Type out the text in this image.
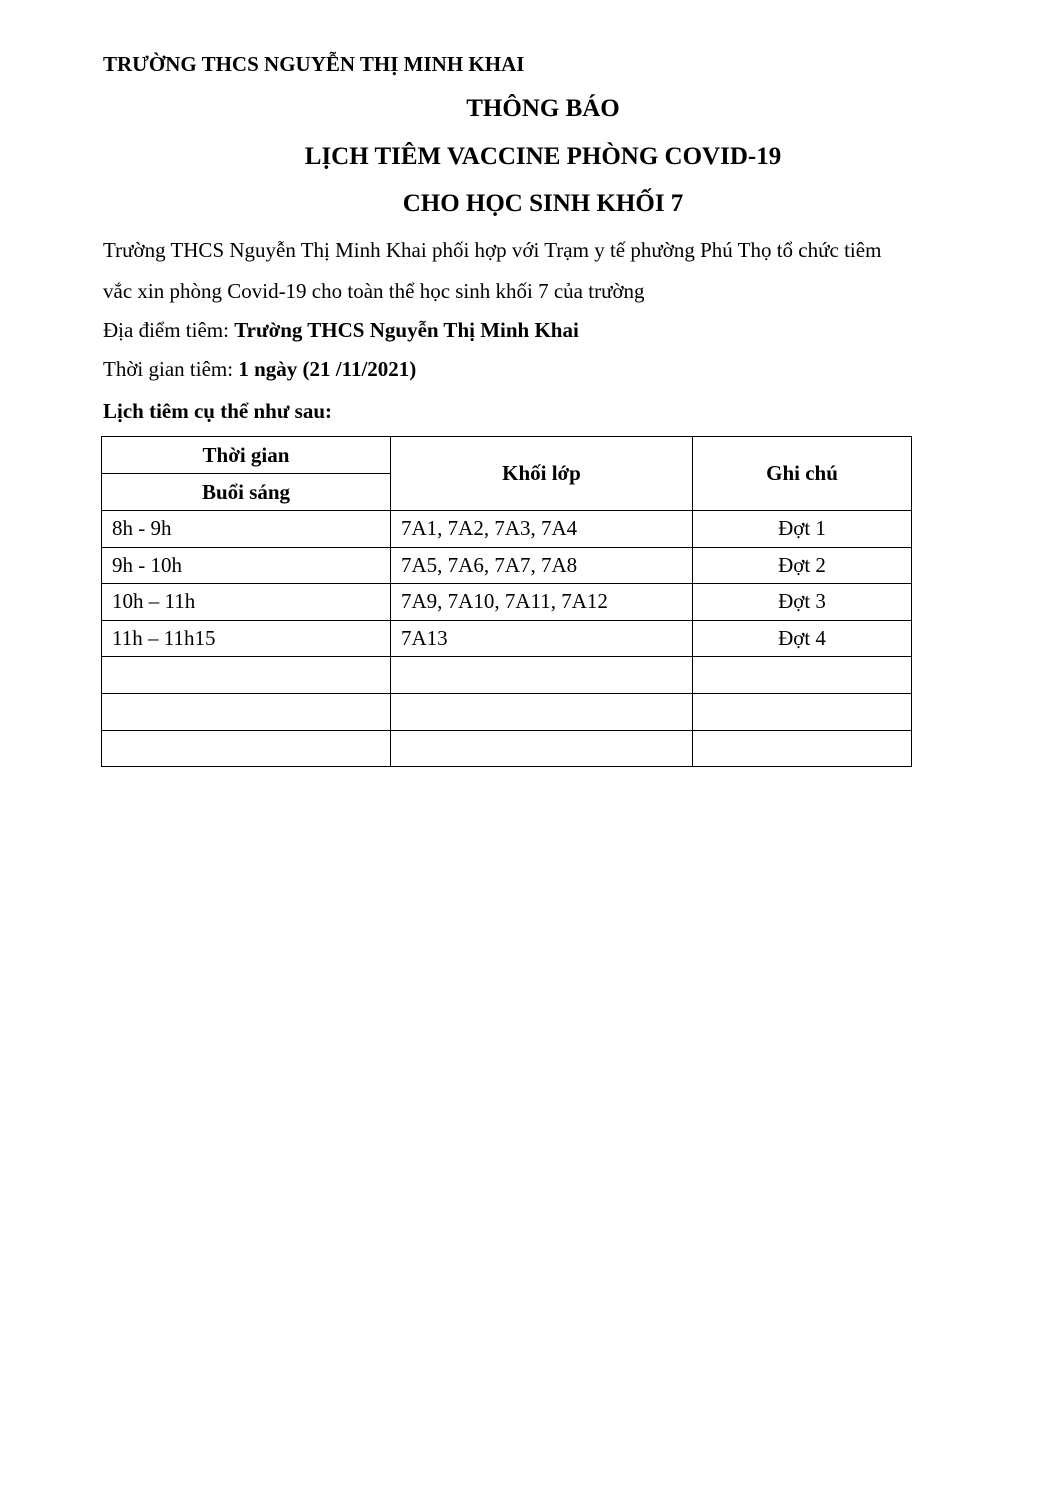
TRƯỜNG THCS NGUYỄN THỊ MINH KHAI
THÔNG BÁO
LỊCH TIÊM VACCINE PHÒNG COVID-19
CHO HỌC SINH KHỐI 7
Trường THCS Nguyễn Thị Minh Khai phối hợp với Trạm y tế phường Phú Thọ tổ chức tiêm
vắc xin phòng Covid-19 cho toàn thể học sinh khối 7 của trường
Địa điểm tiêm: Trường THCS Nguyễn Thị Minh Khai
Thời gian tiêm: 1 ngày (21 /11/2021)
Lịch tiêm cụ thể như sau:
Thời gian	Khối lớp	Ghi chú
Buổi sáng		
8h - 9h	7A1, 7A2, 7A3, 7A4	Đợt 1
9h - 10h	7A5, 7A6, 7A7, 7A8	Đợt 2
10h – 11h	7A9, 7A10, 7A11, 7A12	Đợt 3
11h – 11h15	7A13	Đợt 4
